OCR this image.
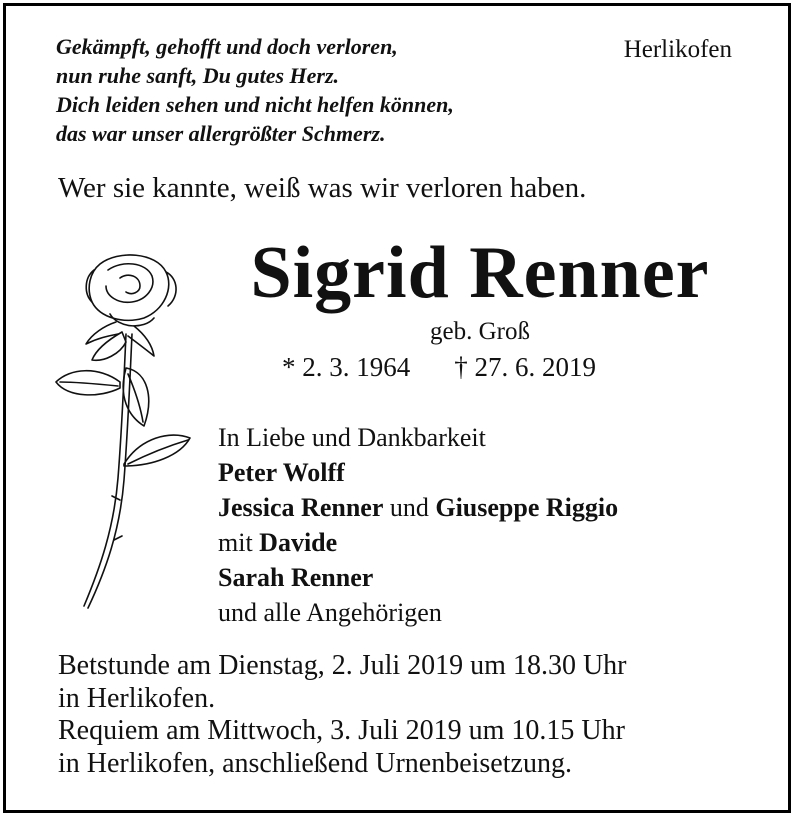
Gekämpft, gehofft und doch verloren,
nun ruhe sanft, Du gutes Herz.
Dich leiden sehen und nicht helfen können,
das war unser allergrößter Schmerz.
Herlikofen
Wer sie kannte, weiß was wir verloren haben.
Sigrid Renner
geb. Groß
* 2. 3. 1964 † 27. 6. 2019
In Liebe und Dankbarkeit
Peter Wolff
Jessica Renner und Giuseppe Riggio
mit Davide
Sarah Renner
und alle Angehörigen
Betstunde am Dienstag, 2. Juli 2019 um 18.30 Uhr
in Herlikofen.
Requiem am Mittwoch, 3. Juli 2019 um 10.15 Uhr
in Herlikofen, anschließend Urnenbeisetzung.
